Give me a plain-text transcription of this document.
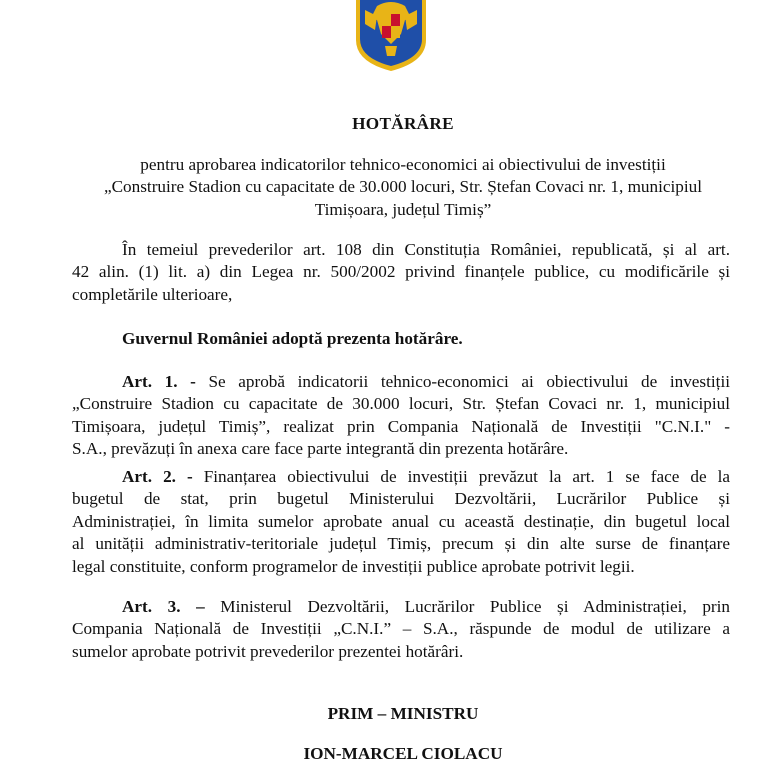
HOTĂRÂRE

pentru aprobarea indicatorilor tehnico-economici ai obiectivului de investiții
„Construire Stadion cu capacitate de 30.000 locuri, Str. Ștefan Covaci nr. 1, municipiul
Timișoara, județul Timiș”

În temeiul prevederilor art. 108 din Constituția României, republicată, și al art.
42 alin. (1) lit. a) din Legea nr. 500/2002 privind finanțele publice, cu modificările și
completările ulterioare,

Guvernul României adoptă prezenta hotărâre.

Art. 1. - Se aprobă indicatorii tehnico-economici ai obiectivului de investiții
„Construire Stadion cu capacitate de 30.000 locuri, Str. Ștefan Covaci nr. 1, municipiul
Timișoara, județul Timiș”, realizat prin Compania Națională de Investiții "C.N.I." -
S.A., prevăzuți în anexa care face parte integrantă din prezenta hotărâre.

Art. 2. - Finanțarea obiectivului de investiții prevăzut la art. 1 se face de la
bugetul de stat, prin bugetul Ministerului Dezvoltării, Lucrărilor Publice și
Administrației, în limita sumelor aprobate anual cu această destinație, din bugetul local
al unității administrativ-teritoriale județul Timiș, precum și din alte surse de finanțare
legal constituite, conform programelor de investiții publice aprobate potrivit legii.

Art. 3. – Ministerul Dezvoltării, Lucrărilor Publice și Administrației, prin
Compania Națională de Investiții „C.N.I.” – S.A., răspunde de modul de utilizare a
sumelor aprobate potrivit prevederilor prezentei hotărâri.

PRIM – MINISTRU

ION-MARCEL CIOLACU
